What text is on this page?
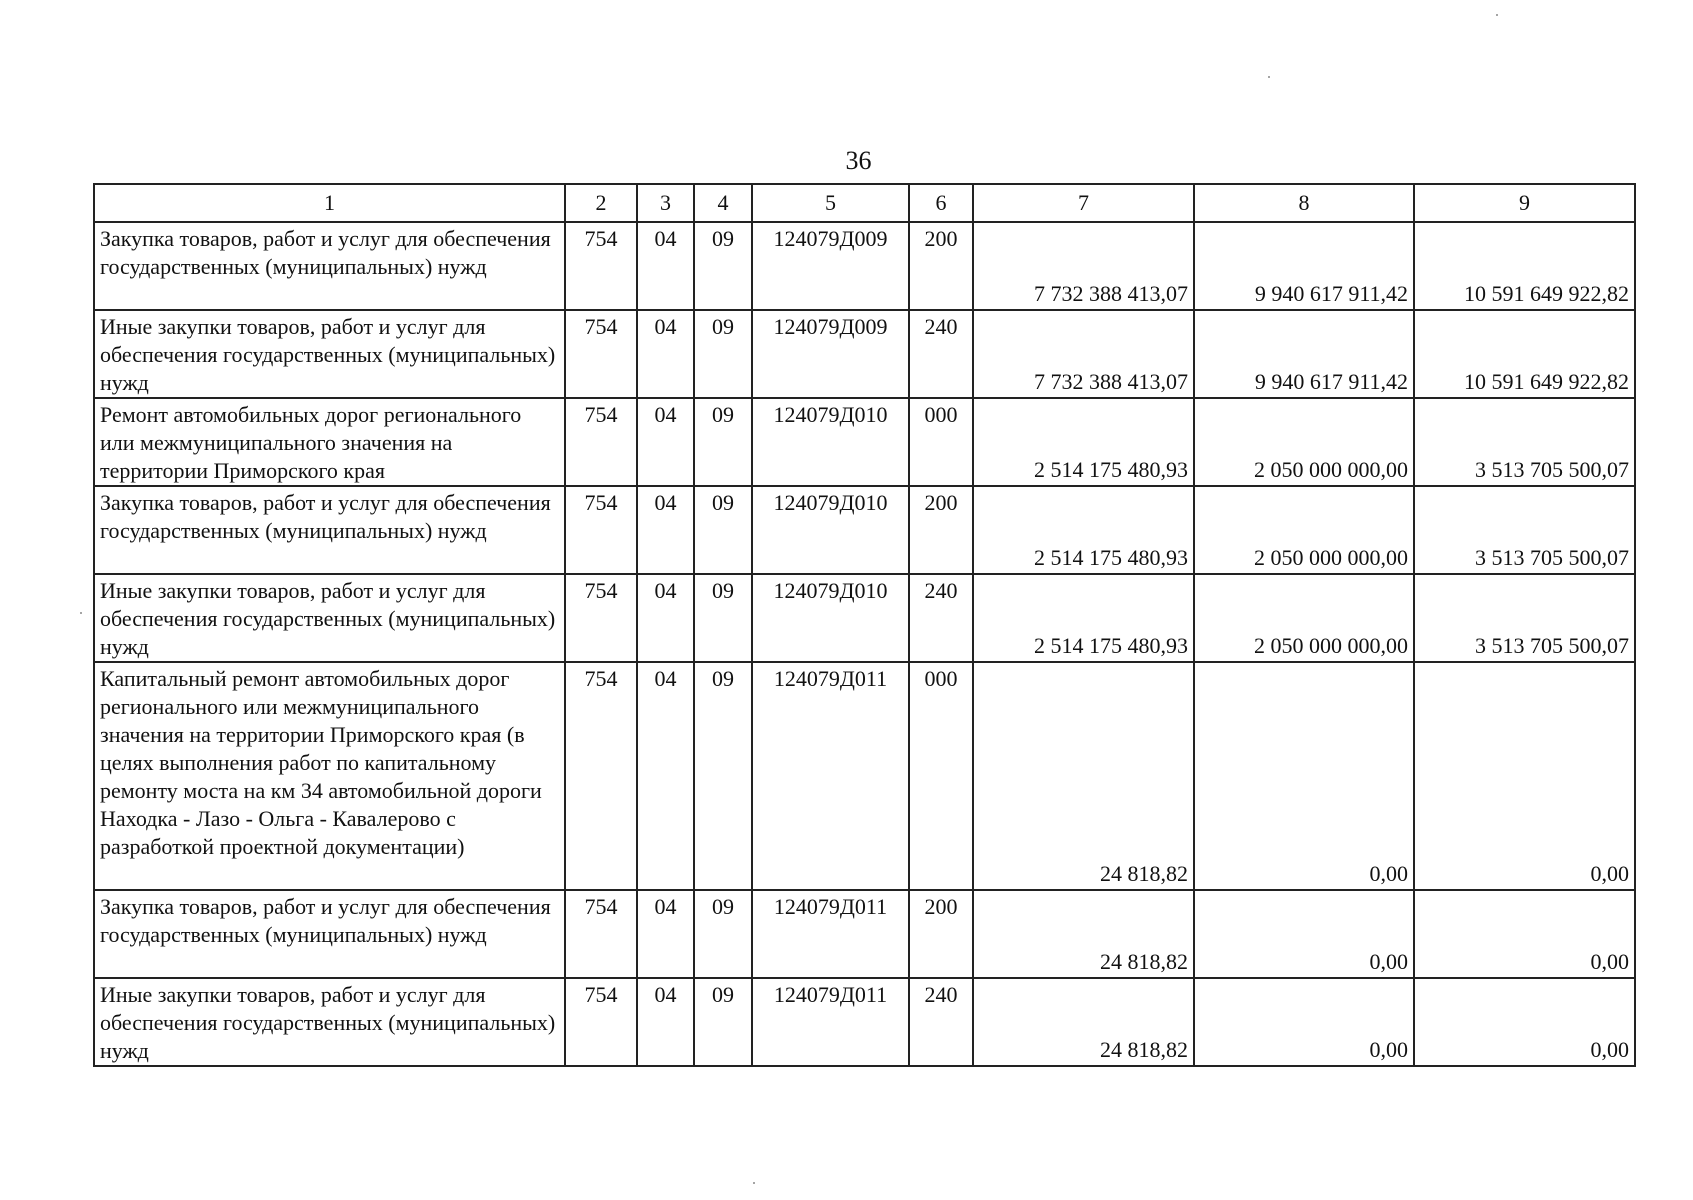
36
1	2	3	4	5	6	7	8	9
Закупка товаров, работ и услуг для обеспечения государственных (муниципальных) нужд	754	04	09	124079Д009	200	7 732 388 413,07	9 940 617 911,42	10 591 649 922,82
Иные закупки товаров, работ и услуг для обеспечения государственных (муниципальных) нужд	754	04	09	124079Д009	240	7 732 388 413,07	9 940 617 911,42	10 591 649 922,82
Ремонт автомобильных дорог регионального или межмуниципального значения на территории Приморского края	754	04	09	124079Д010	000	2 514 175 480,93	2 050 000 000,00	3 513 705 500,07
Закупка товаров, работ и услуг для обеспечения государственных (муниципальных) нужд	754	04	09	124079Д010	200	2 514 175 480,93	2 050 000 000,00	3 513 705 500,07
Иные закупки товаров, работ и услуг для обеспечения государственных (муниципальных) нужд	754	04	09	124079Д010	240	2 514 175 480,93	2 050 000 000,00	3 513 705 500,07
Капитальный ремонт автомобильных дорог регионального или межмуниципального значения на территории Приморского края (в целях выполнения работ по капитальному ремонту моста на км 34 автомобильной дороги Находка - Лазо - Ольга - Кавалерово с разработкой проектной документации)	754	04	09	124079Д011	000	24 818,82	0,00	0,00
Закупка товаров, работ и услуг для обеспечения государственных (муниципальных) нужд	754	04	09	124079Д011	200	24 818,82	0,00	0,00
Иные закупки товаров, работ и услуг для обеспечения государственных (муниципальных) нужд	754	04	09	124079Д011	240	24 818,82	0,00	0,00
